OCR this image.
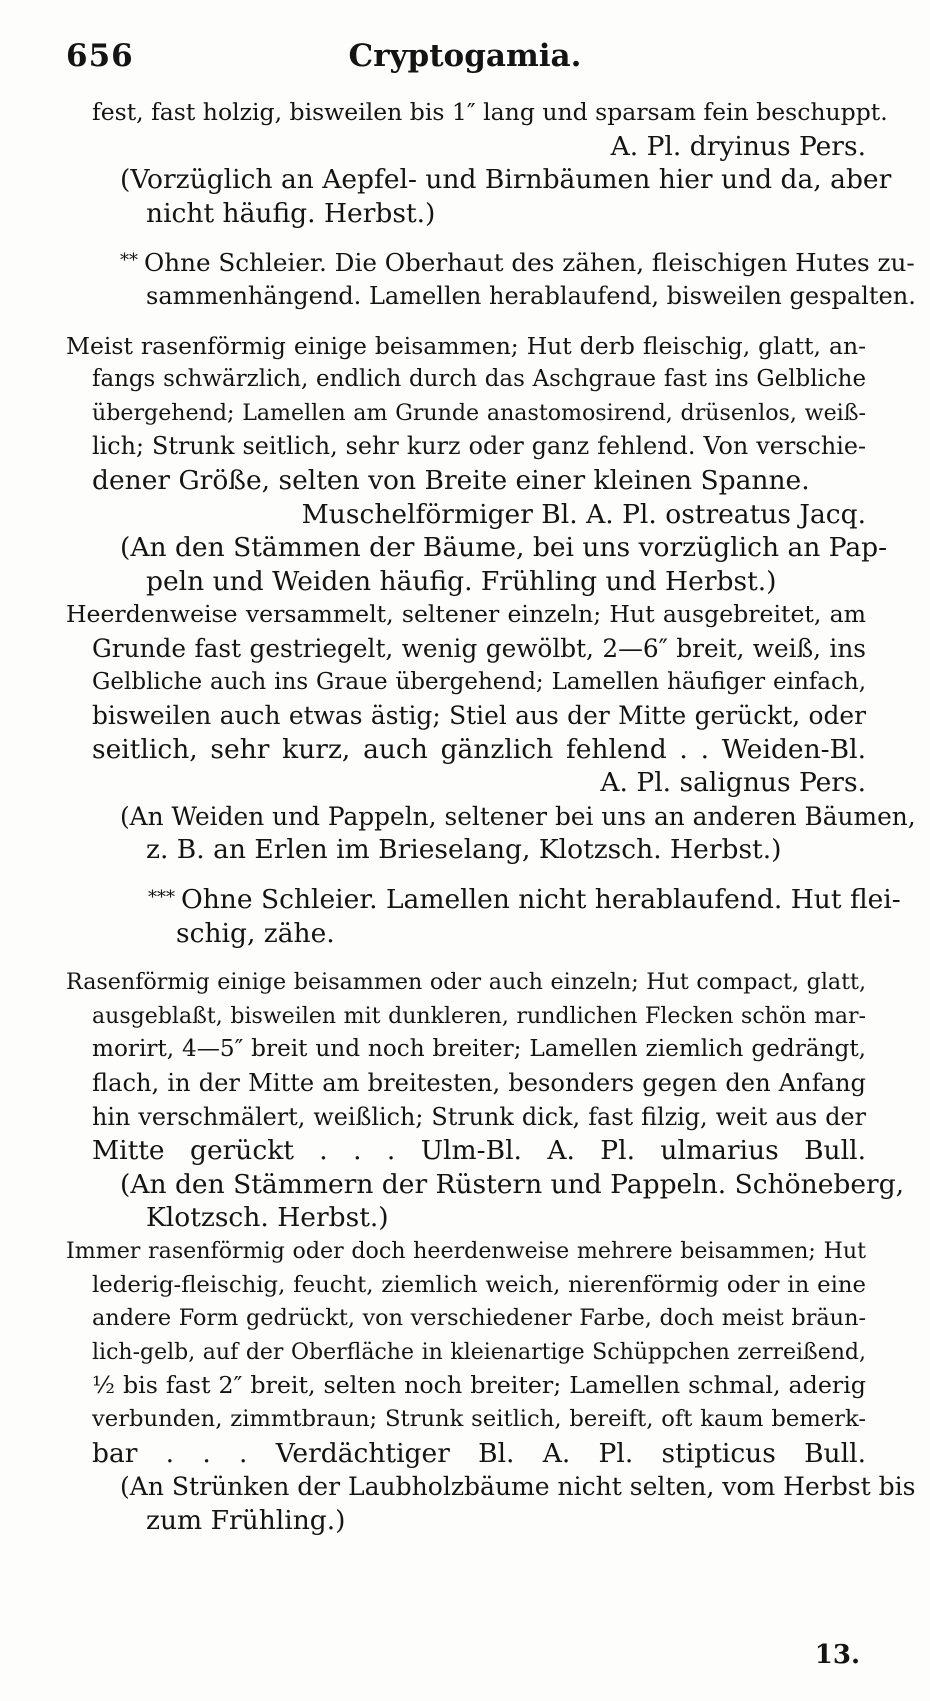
656	Cryptogamia.
fest, fast holzig, bisweilen bis 1″ lang und sparsam fein beschuppt.
A. Pl. dryinus Pers.
(Vorzüglich an Aepfel- und Birnbäumen hier und da, aber
nicht häufig. Herbst.)
** Ohne Schleier. Die Oberhaut des zähen, fleischigen Hutes zu-
sammenhängend. Lamellen herablaufend, bisweilen gespalten.
Meist rasenförmig einige beisammen; Hut derb fleischig, glatt, an-
fangs schwärzlich, endlich durch das Aschgraue fast ins Gelbliche
übergehend; Lamellen am Grunde anastomosirend, drüsenlos, weiß-
lich; Strunk seitlich, sehr kurz oder ganz fehlend. Von verschie-
dener Größe, selten von Breite einer kleinen Spanne.
Muschelförmiger Bl. A. Pl. ostreatus Jacq.
(An den Stämmen der Bäume, bei uns vorzüglich an Pap-
peln und Weiden häufig. Frühling und Herbst.)
Heerdenweise versammelt, seltener einzeln; Hut ausgebreitet, am
Grunde fast gestriegelt, wenig gewölbt, 2—6″ breit, weiß, ins
Gelbliche auch ins Graue übergehend; Lamellen häufiger einfach,
bisweilen auch etwas ästig; Stiel aus der Mitte gerückt, oder
seitlich, sehr kurz, auch gänzlich fehlend . . Weiden-Bl.
A. Pl. salignus Pers.
(An Weiden und Pappeln, seltener bei uns an anderen Bäumen,
z. B. an Erlen im Brieselang, Klotzsch. Herbst.)
*** Ohne Schleier. Lamellen nicht herablaufend. Hut flei-
schig, zähe.
Rasenförmig einige beisammen oder auch einzeln; Hut compact, glatt,
ausgeblaßt, bisweilen mit dunkleren, rundlichen Flecken schön mar-
morirt, 4—5″ breit und noch breiter; Lamellen ziemlich gedrängt,
flach, in der Mitte am breitesten, besonders gegen den Anfang
hin verschmälert, weißlich; Strunk dick, fast filzig, weit aus der
Mitte gerückt . . . Ulm-Bl. A. Pl. ulmarius Bull.
(An den Stämmern der Rüstern und Pappeln. Schöneberg,
Klotzsch. Herbst.)
Immer rasenförmig oder doch heerdenweise mehrere beisammen; Hut
lederig-fleischig, feucht, ziemlich weich, nierenförmig oder in eine
andere Form gedrückt, von verschiedener Farbe, doch meist bräun-
lich-gelb, auf der Oberfläche in kleienartige Schüppchen zerreißend,
½ bis fast 2″ breit, selten noch breiter; Lamellen schmal, aderig
verbunden, zimmtbraun; Strunk seitlich, bereift, oft kaum bemerk-
bar . . . Verdächtiger Bl. A. Pl. stipticus Bull.
(An Strünken der Laubholzbäume nicht selten, vom Herbst bis
zum Frühling.)
13.
